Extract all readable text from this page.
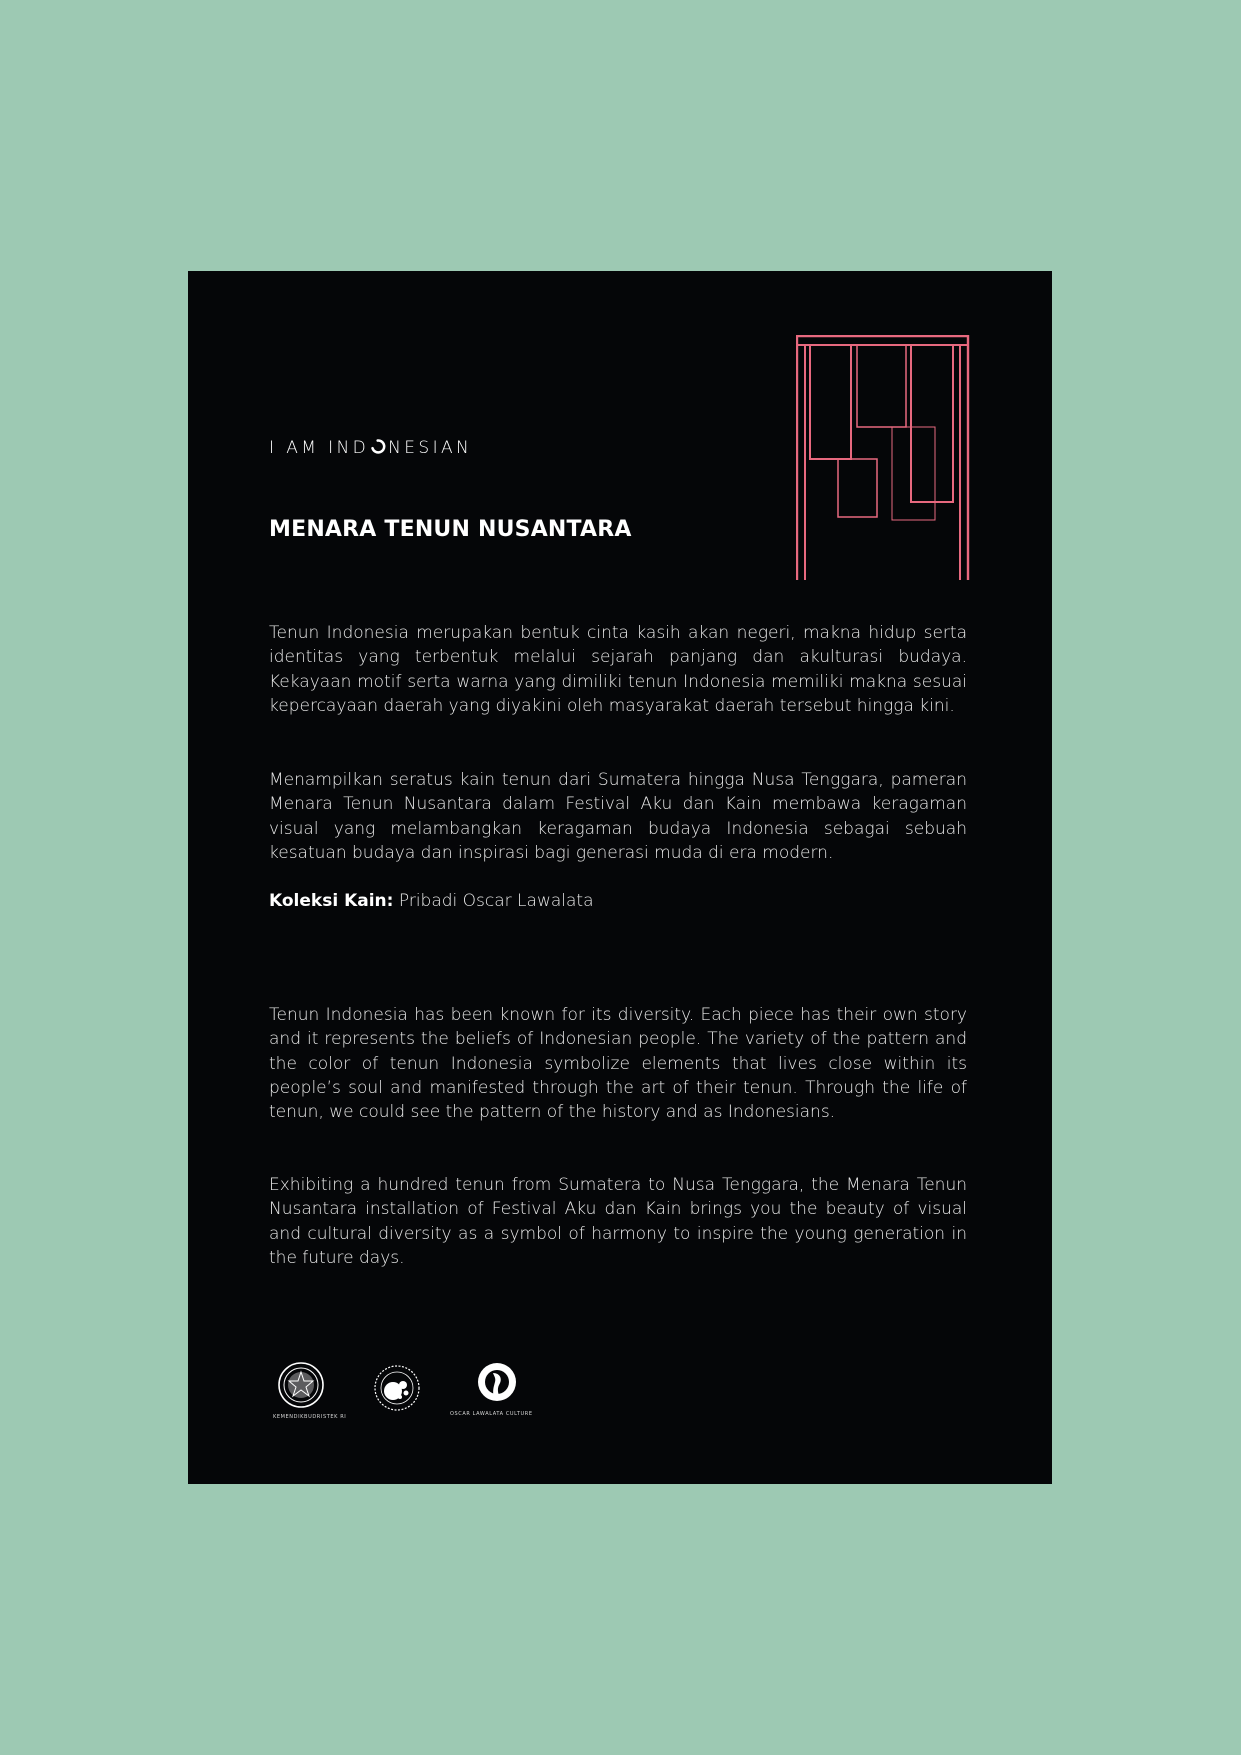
I AM IND NESIAN
MENARA TENUN NUSANTARA

Tenun Indonesia merupakan bentuk cinta kasih akan negeri, makna hidup serta identitas yang terbentuk melalui sejarah panjang dan akulturasi budaya. Kekayaan motif serta warna yang dimiliki tenun Indonesia memiliki makna sesuai kepercayaan daerah yang diyakini oleh masyarakat daerah tersebut hingga kini.

Menampilkan seratus kain tenun dari Sumatera hingga Nusa Tenggara, pameran Menara Tenun Nusantara dalam Festival Aku dan Kain membawa keragaman visual yang melambangkan keragaman budaya Indonesia sebagai sebuah kesatuan budaya dan inspirasi bagi generasi muda di era modern.

Koleksi Kain: Pribadi Oscar Lawalata

Tenun Indonesia has been known for its diversity. Each piece has their own story and it represents the beliefs of Indonesian people. The variety of the pattern and the color of tenun Indonesia symbolize elements that lives close within its people’s soul and manifested through the art of their tenun. Through the life of tenun, we could see the pattern of the history and as Indonesians.

Exhibiting a hundred tenun from Sumatera to Nusa Tenggara, the Menara Tenun Nusantara installation of Festival Aku dan Kain brings you the beauty of visual and cultural diversity as a symbol of harmony to inspire the young generation in the future days.

KEMENDIKBUDRISTEK RI	OSCAR LAWALATA CULTURE
